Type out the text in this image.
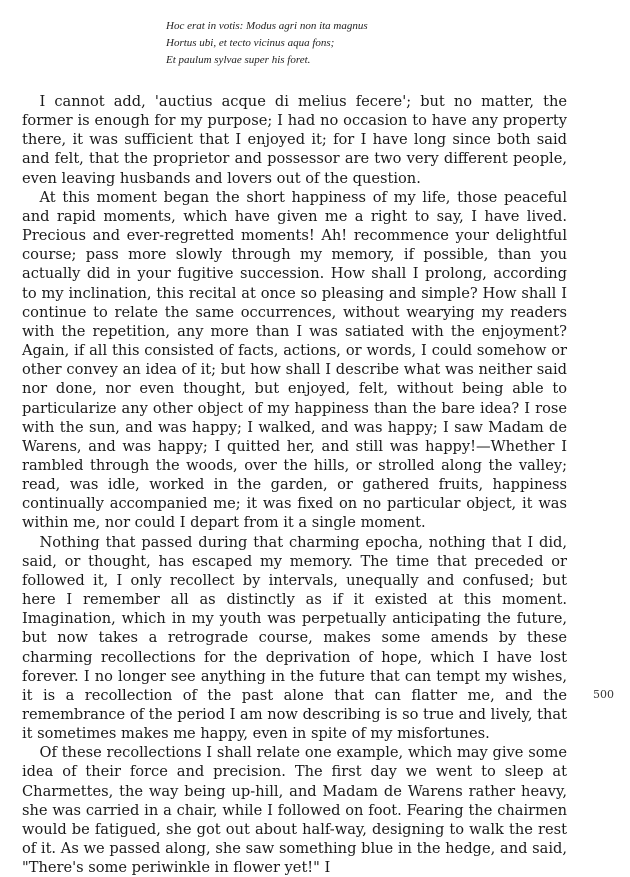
Hoc erat in votis: Modus agri non ita magnus
Hortus ubi, et tecto vicinus aqua fons;
Et paulum sylvae super his foret.

I cannot add, 'auctius acque di melius fecere'; but no matter, the former is enough for my purpose; I had no occasion to have any property there, it was sufficient that I enjoyed it; for I have long since both said and felt, that the proprietor and possessor are two very different people, even leaving husbands and lovers out of the question.

At this moment began the short happiness of my life, those peaceful and rapid moments, which have given me a right to say, I have lived. Precious and ever-regretted moments! Ah! recommence your delightful course; pass more slowly through my memory, if possible, than you actually did in your fugitive succession. How shall I prolong, according to my inclination, this recital at once so pleasing and simple? How shall I continue to relate the same occurrences, without wearying my readers with the repetition, any more than I was satiated with the enjoyment? Again, if all this consisted of facts, actions, or words, I could somehow or other convey an idea of it; but how shall I describe what was neither said nor done, nor even thought, but enjoyed, felt, without being able to particularize any other object of my happiness than the bare idea? I rose with the sun, and was happy; I walked, and was happy; I saw Madam de Warens, and was happy; I quitted her, and still was happy!—Whether I rambled through the woods, over the hills, or strolled along the valley; read, was idle, worked in the garden, or gathered fruits, happiness continually accompanied me; it was fixed on no particular object, it was within me, nor could I depart from it a single moment.

Nothing that passed during that charming epocha, nothing that I did, said, or thought, has escaped my memory. The time that preceded or followed it, I only recollect by intervals, unequally and confused; but here I remember all as distinctly as if it existed at this moment. Imagination, which in my youth was perpetually anticipating the future, but now takes a retrograde course, makes some amends by these charming recollections for the deprivation of hope, which I have lost forever. I no longer see anything in the future that can tempt my wishes, it is a recollection of the past alone that can flatter me, and the remembrance of the period I am now describing is so true and lively, that it sometimes makes me happy, even in spite of my misfortunes.

Of these recollections I shall relate one example, which may give some idea of their force and precision. The first day we went to sleep at Charmettes, the way being up-hill, and Madam de Warens rather heavy, she was carried in a chair, while I followed on foot. Fearing the chairmen would be fatigued, she got out about half-way, designing to walk the rest of it. As we passed along, she saw something blue in the hedge, and said, "There's some periwinkle in flower yet!" I

500
